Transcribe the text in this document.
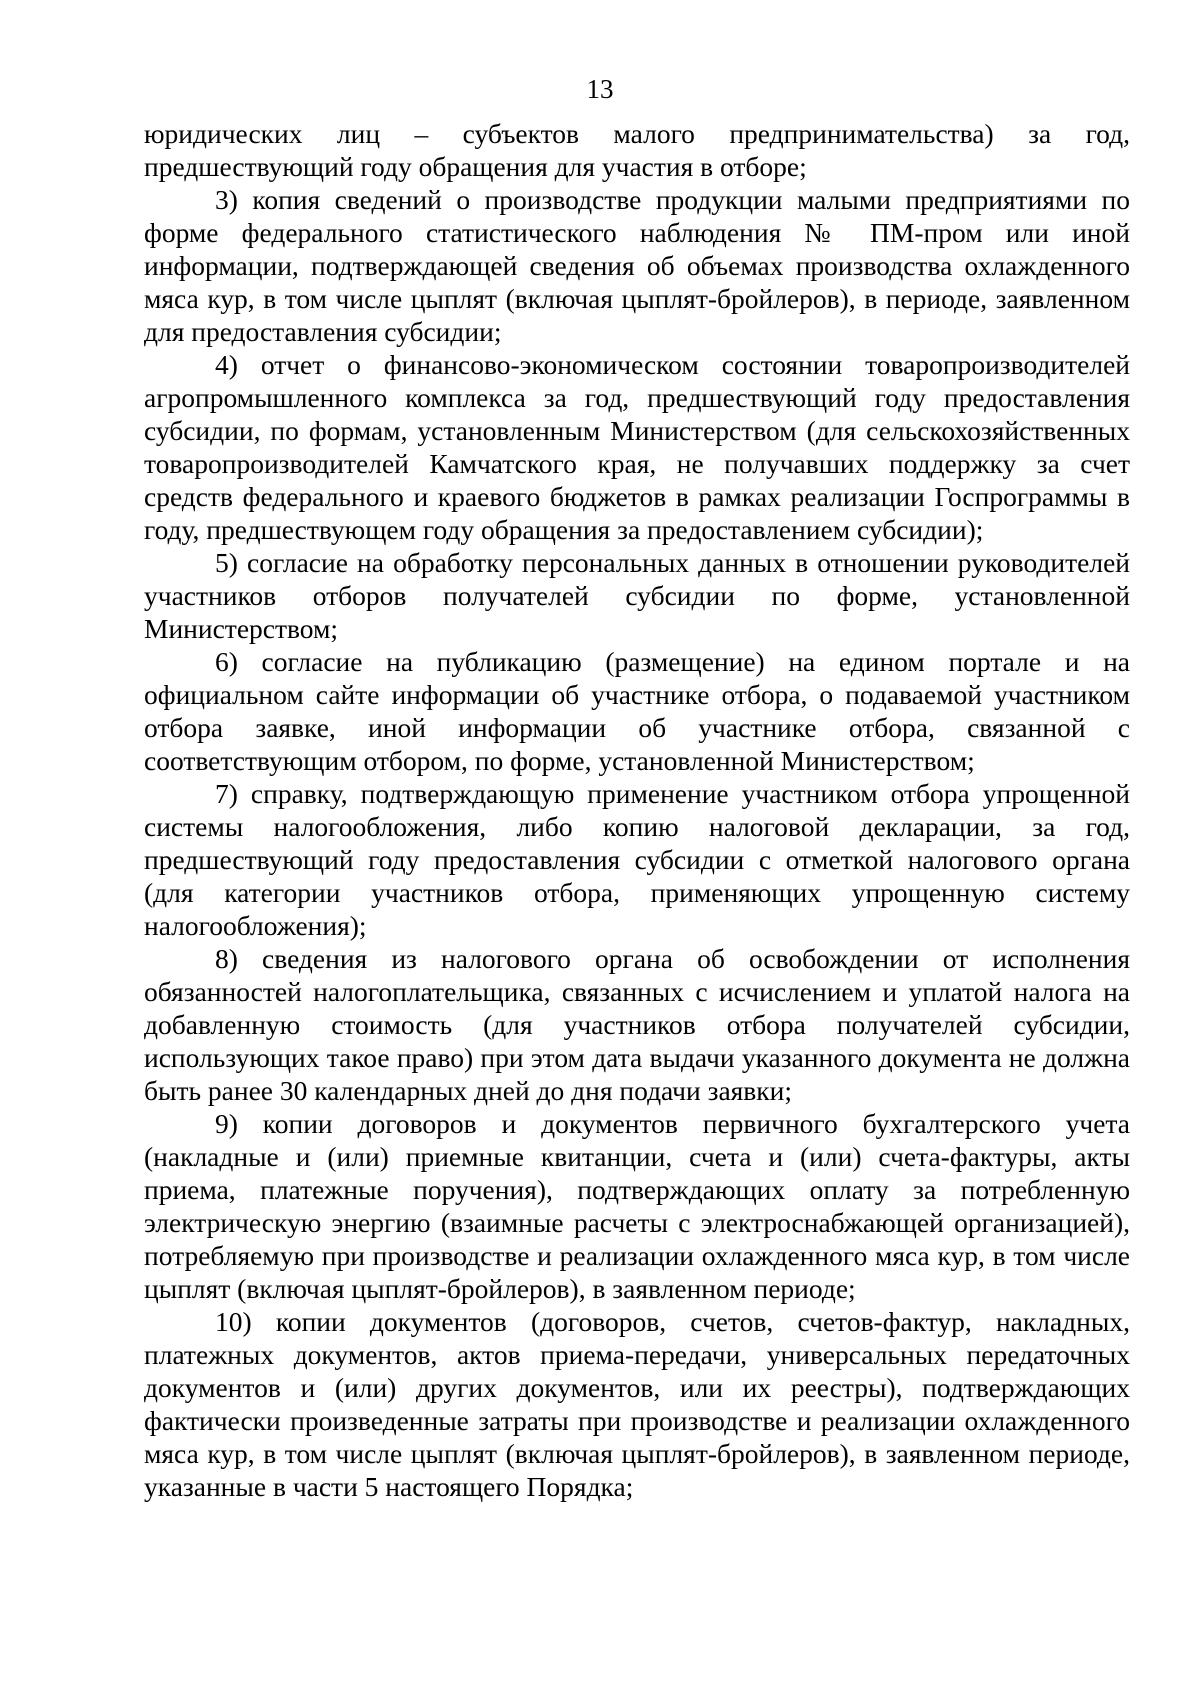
13

юридических лиц – субъектов малого предпринимательства) за год, предшествующий году обращения для участия в отборе;

3) копия сведений о производстве продукции малыми предприятиями по форме федерального статистического наблюдения № ПМ-пром или иной информации, подтверждающей сведения об объемах производства охлажденного мяса кур, в том числе цыплят (включая цыплят-бройлеров), в периоде, заявленном для предоставления субсидии;

4) отчет о финансово-экономическом состоянии товаропроизводителей агропромышленного комплекса за год, предшествующий году предоставления субсидии, по формам, установленным Министерством (для сельскохозяйственных товаропроизводителей Камчатского края, не получавших поддержку за счет средств федерального и краевого бюджетов в рамках реализации Госпрограммы в году, предшествующем году обращения за предоставлением субсидии);

5) согласие на обработку персональных данных в отношении руководителей участников отборов получателей субсидии по форме, установленной Министерством;

6) согласие на публикацию (размещение) на едином портале и на официальном сайте информации об участнике отбора, о подаваемой участником отбора заявке, иной информации об участнике отбора, связанной с соответствующим отбором, по форме, установленной Министерством;

7) справку, подтверждающую применение участником отбора упрощенной системы налогообложения, либо копию налоговой декларации, за год, предшествующий году предоставления субсидии с отметкой налогового органа (для категории участников отбора, применяющих упрощенную систему налогообложения);

8) сведения из налогового органа об освобождении от исполнения обязанностей налогоплательщика, связанных с исчислением и уплатой налога на добавленную стоимость (для участников отбора получателей субсидии, использующих такое право) при этом дата выдачи указанного документа не должна быть ранее 30 календарных дней до дня подачи заявки;

9) копии договоров и документов первичного бухгалтерского учета (накладные и (или) приемные квитанции, счета и (или) счета-фактуры, акты приема, платежные поручения), подтверждающих оплату за потребленную электрическую энергию (взаимные расчеты с электроснабжающей организацией), потребляемую при производстве и реализации охлажденного мяса кур, в том числе цыплят (включая цыплят-бройлеров), в заявленном периоде;

10) копии документов (договоров, счетов, счетов-фактур, накладных, платежных документов, актов приема-передачи, универсальных передаточных документов и (или) других документов, или их реестры), подтверждающих фактически произведенные затраты при производстве и реализации охлажденного мяса кур, в том числе цыплят (включая цыплят-бройлеров), в заявленном периоде, указанные в части 5 настоящего Порядка;
